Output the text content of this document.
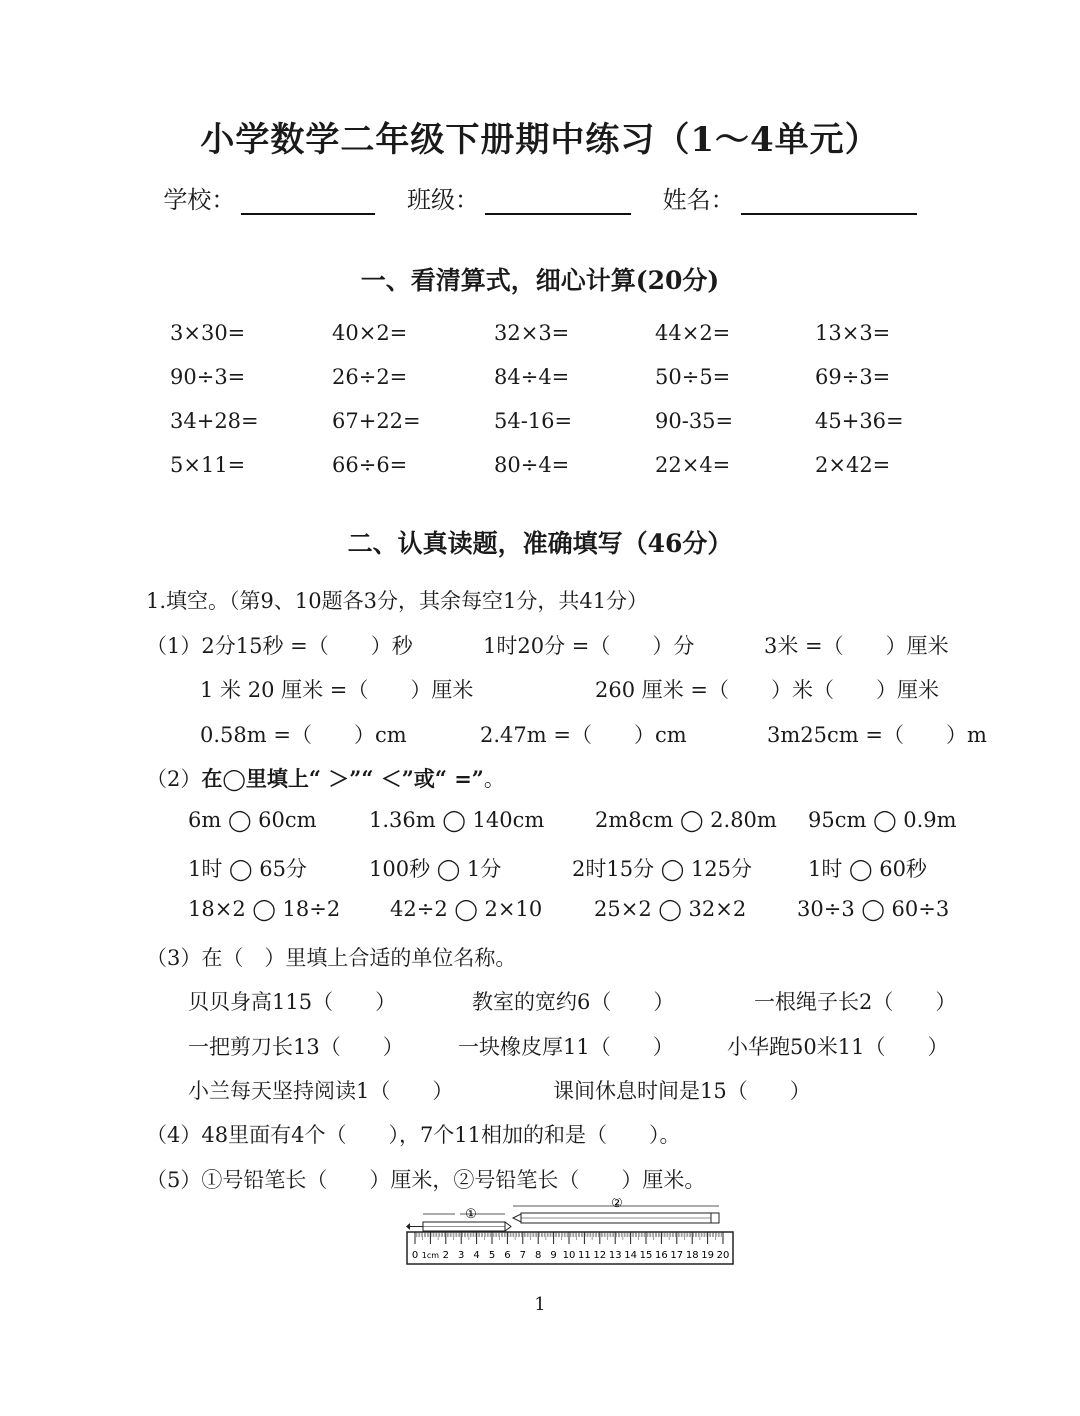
小学数学二年级下册期中练习（1～4单元）
学校：	班级：	姓名：
一、看清算式，细心计算(20分)
3×30=	40×2=	32×3=	44×2=	13×3=
90÷3=	26÷2=	84÷4=	50÷5=	69÷3=
34+28=	67+22=	54-16=	90-35=	45+36=
5×11=	66÷6=	80÷4=	22×4=	2×42=
二、认真读题，准确填写（46分）
1.填空。（第9、10题各3分，其余每空1分，共41分）
（1）2分15秒 =（　　）秒	1时20分 =（　　）分	3米 =（　　）厘米
1 米 20 厘米 =（　　）厘米	260 厘米 =（　　）米（　　）厘米
0.58m =（　　）cm	2.47m =（　　）cm	3m25cm =（　　）m
（2）在◯里填上“ ＞”“ ＜”或“ =”。
6m ◯ 60cm 1.36m ◯ 140cm 2m8cm ◯ 2.80m 95cm ◯ 0.9m
1时 ◯ 65分	100秒 ◯ 1分	2时15分 ◯ 125分	1时 ◯ 60秒
18×2 ◯ 18÷2 42÷2 ◯ 2×10 25×2 ◯ 32×2 30÷3 ◯ 60÷3
（3）在（　）里填上合适的单位名称。
贝贝身高115（　　）	教室的宽约6（　　）	一根绳子长2（　　）
一把剪刀长13（　　）	一块橡皮厚11（　　）	小华跑50米11（　　）
小兰每天坚持阅读1（　　）	课间休息时间是15（　　）
（4）48里面有4个（　　），7个11相加的和是（　　）。
（5）①号铅笔长（　　）厘米，②号铅笔长（　　）厘米。
①
②
0 1cm 2 3 4 5 6 7 8 9 10 11 12 13 14 15 16 17 18 19 20
1
